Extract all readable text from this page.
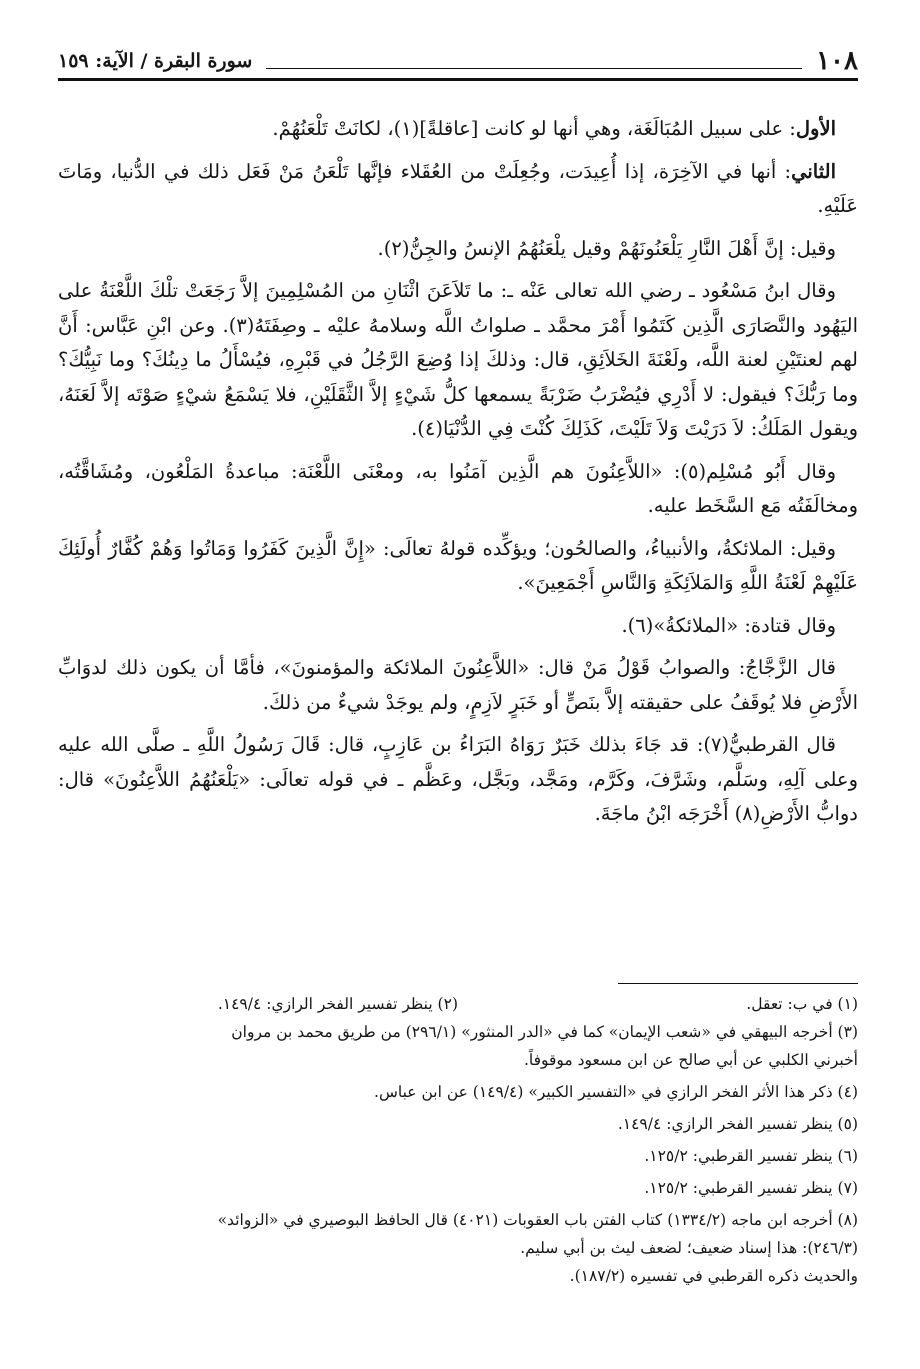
١٠٨
سورة البقرة / الآية: ١٥٩

الأول: على سبيل المُبَالَغَة، وهي أنها لو كانت [عاقلةً](١)، لكانَتْ تَلْعَنُهُمْ.

الثاني: أنها في الآخِرَة، إذا أُعِيدَت، وجُعِلَتْ من العُقَلاء فإنَّها تَلْعَنُ مَنْ فَعَل ذلك في الدُّنيا، ومَاتَ عَلَيْهِ.

وقيل: إنَّ أَهْلَ النَّارِ يَلْعَنُونَهُمْ وقيل يلْعَنُهُمُ الإنسُ والجِنُّ(٢).

وقال ابنُ مَسْعُود ـ رضي الله تعالى عَنْه ـ: ما تَلاَعَنَ اثْنَانِ من المُسْلِمِينَ إلاَّ رَجَعَتْ تلْكَ اللَّعْنَةُ على اليَهُود والنَّصَارَى الَّذِين كَتَمُوا أَمْرَ محمَّد ـ صلواتُ اللَّه وسلامهُ عليْه ـ وصِفَتَهُ(٣). وعن ابْنِ عَبَّاس: أَنَّ لهم لعنتَيْنِ لعنة اللَّه، ولَعْنَةَ الخَلاَئِقِ، قال: وذلكَ إذا وُضِعَ الرَّجُلُ في قَبْرِهِ، فيُسْأَلُ ما دِينُكَ؟ وما نَبِيُّكَ؟ وما رَبُّكَ؟ فيقول: لا أَدْرِي فيُضْرَبُ ضَرْبَةً يسمعها كلُّ شَيْءٍ إلاَّ الثَّقَلَيْنِ، فلا يَسْمَعُ شيْءٍ صَوْتَه إلاَّ لَعَنَهُ، ويقول المَلَكُ: لاَ دَرَيْتَ وَلاَ تَلَيْتَ، كَذَلِكَ كُنْتَ فِي الدُّنْيَا(٤).

وقال أَبُو مُسْلِم(٥): «اللاَّعِنُونَ هم الَّذِين آمَنُوا به، ومعْنَى اللَّعْنَة: مباعدةُ المَلْعُون، ومُشَاقَّتُه، ومخالَفَتُه مَع السَّخَط عليه.

وقيل: الملائكةُ، والأنبياءُ، والصالحُون؛ ويؤكِّده قولهُ تعالَى: «إِنَّ الَّذِينَ كَفَرُوا وَمَاتُوا وَهُمْ كُفَّارٌ أُولَئِكَ عَلَيْهِمْ لَعْنَةُ اللَّهِ وَالمَلاَئِكَةِ وَالنَّاسِ أَجْمَعِينَ».

وقال قتادة: «الملائكةُ»(٦).

قال الزَّجَّاجُ: والصوابُ قَوْلُ مَنْ قال: «اللاَّعِنُونَ الملائكة والمؤمنونَ»، فأمَّا أن يكون ذلك لدوَابِّ الأَرْضِ فلا يُوقَفُ على حقيقته إلاَّ بنَصٍّ أو خَبَرٍ لاَزِمٍ، ولم يوجَدْ شيءٌ من ذلكَ.

قال القرطبيُّ(٧): قد جَاءَ بذلك خَبَرٌ رَوَاهُ البَرَاءُ بن عَازِبٍ، قال: قَالَ رَسُولُ اللَّهِ ـ صلَّى الله عليه وعلى آلِهِ، وسَلَّم، وشَرَّفَ، وكَرَّم، ومَجَّد، وبَجَّل، وعَظَّم ـ في قوله تعالَى: «يَلْعَنُهُمُ اللاَّعِنُونَ» قال: دوابُّ الأَرْضِ(٨) أَخْرَجَه ابْنُ ماجَةَ.

(١) في ب: تعقل.
(٢) ينظر تفسير الفخر الرازي: ١٤٩/٤.

(٣) أخرجه البيهقي في «شعب الإيمان» كما في «الدر المنثور» (٢٩٦/١) من طريق محمد بن مروان
أخبرني الكلبي عن أبي صالح عن ابن مسعود موقوفاً.

(٤) ذكر هذا الأثر الفخر الرازي في «التفسير الكبير» (١٤٩/٤) عن ابن عباس.

(٥) ينظر تفسير الفخر الرازي: ١٤٩/٤.

(٦) ينظر تفسير القرطبي: ١٢٥/٢.

(٧) ينظر تفسير القرطبي: ١٢٥/٢.

(٨) أخرجه ابن ماجه (١٣٣٤/٢) كتاب الفتن باب العقوبات (٤٠٢١) قال الحافظ البوصيري في «الزوائد»
(٢٤٦/٣): هذا إسناد ضعيف؛ لضعف ليث بن أبي سليم.
والحديث ذكره القرطبي في تفسيره (١٨٧/٢).
